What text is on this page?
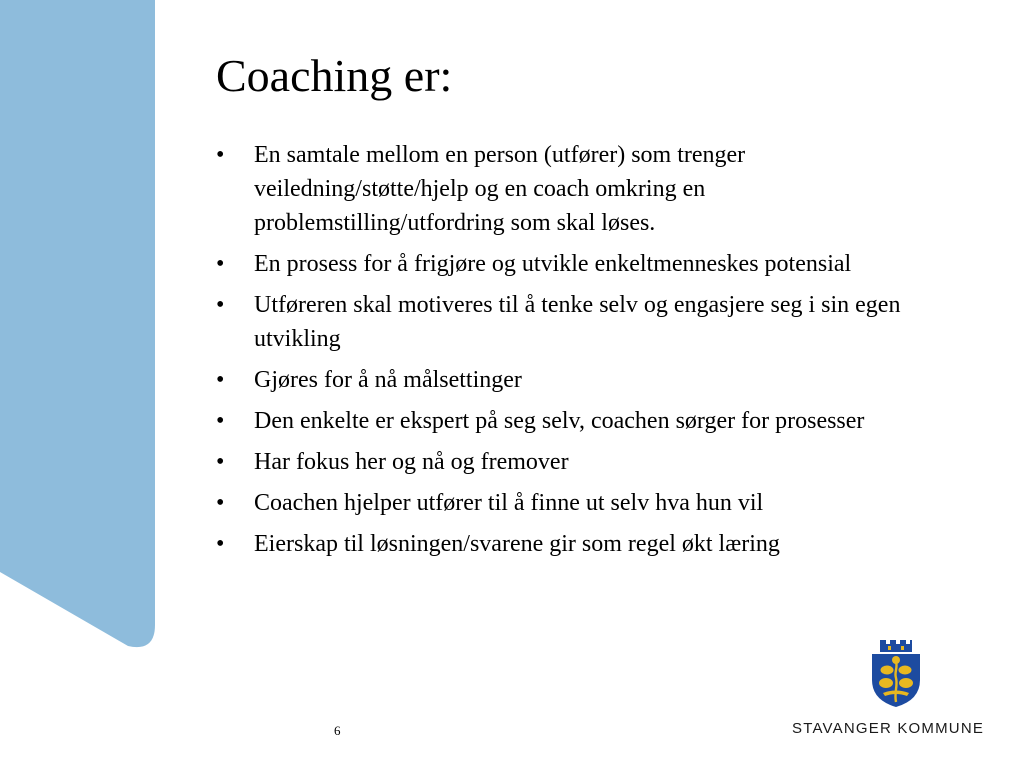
Coaching er:
•	En samtale mellom en person (utfører) som trenger veiledning/støtte/hjelp og en coach omkring en problemstilling/utfordring som skal løses.
•	En prosess for å frigjøre og utvikle enkeltmenneskes potensial
•	Utføreren skal motiveres til å tenke selv og engasjere seg i sin egen utvikling
•	Gjøres for å nå målsettinger
•	Den enkelte er ekspert på seg selv, coachen sørger for prosesser
•	Har fokus her og nå og fremover
•	Coachen hjelper utfører til å finne ut selv hva hun vil
•	Eierskap til løsningen/svarene gir som regel økt læring
6	STAVANGER KOMMUNE
